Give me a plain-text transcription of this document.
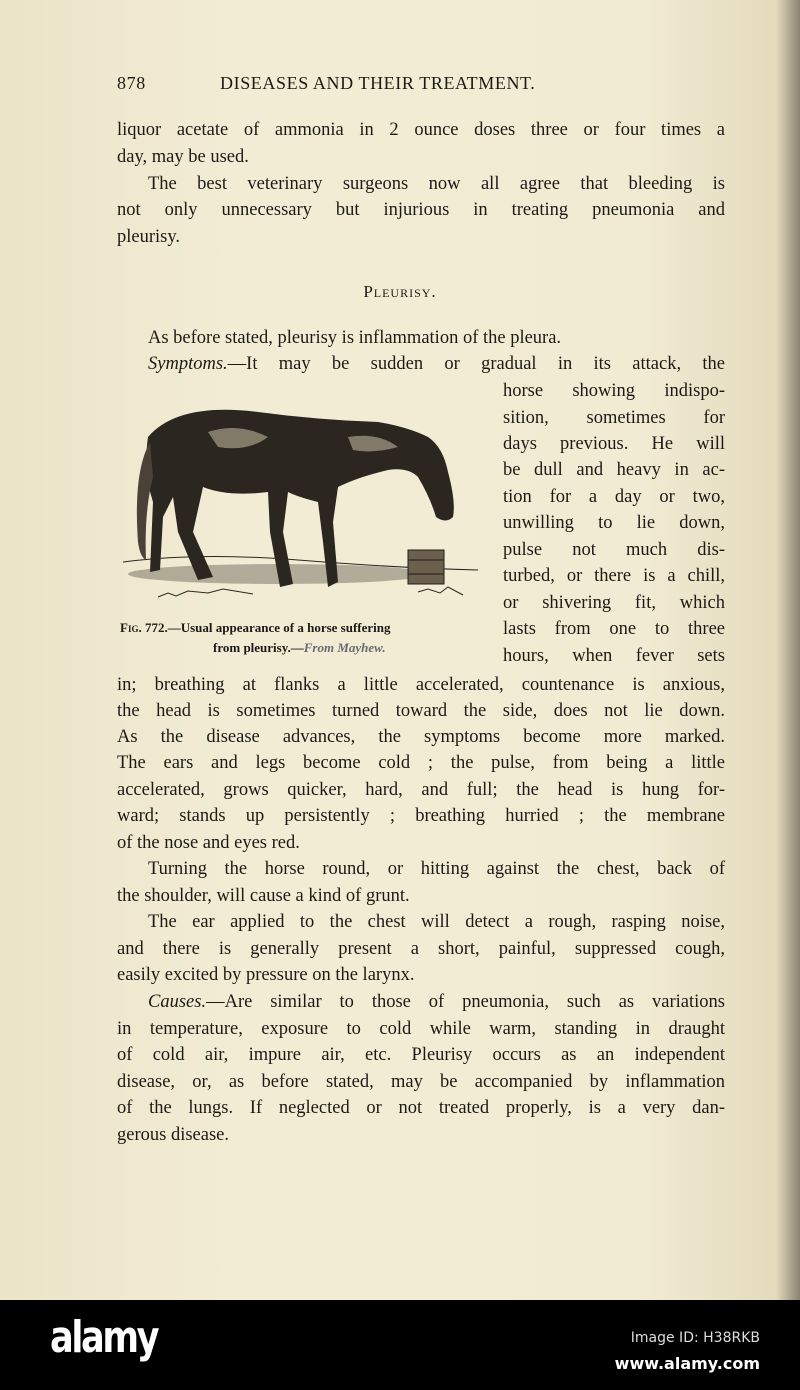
878	DISEASES AND THEIR TREATMENT.
Pleurisy.
liquor acetate of ammonia in 2 ounce doses three or four times a
day, may be used.
The best veterinary surgeons now all agree that bleeding is
not only unnecessary but injurious in treating pneumonia and
pleurisy.
As before stated, pleurisy is inflammation of the pleura.
Symptoms.—It may be sudden or gradual in its attack, the
horse showing indispo-
sition, sometimes for
days previous. He will
be dull and heavy in ac-
tion for a day or two,
unwilling to lie down,
pulse not much dis-
turbed, or there is a chill,
or shivering fit, which
lasts from one to three
hours, when fever sets
in; breathing at flanks a little accelerated, countenance is anxious,
the head is sometimes turned toward the side, does not lie down.
As the disease advances, the symptoms become more marked.
The ears and legs become cold ; the pulse, from being a little
accelerated, grows quicker, hard, and full; the head is hung for-
ward; stands up persistently ; breathing hurried ; the membrane
of the nose and eyes red.
Turning the horse round, or hitting against the chest, back of
the shoulder, will cause a kind of grunt.
The ear applied to the chest will detect a rough, rasping noise,
and there is generally present a short, painful, suppressed cough,
easily excited by pressure on the larynx.
Causes.—Are similar to those of pneumonia, such as variations
in temperature, exposure to cold while warm, standing in draught
of cold air, impure air, etc. Pleurisy occurs as an independent
disease, or, as before stated, may be accompanied by inflammation
of the lungs. If neglected or not treated properly, is a very dan-
gerous disease.
Fig. 772.—Usual appearance of a horse suffering
from pleurisy.—From Mayhew.
alamy	Image ID: H38RKB
www.alamy.com
